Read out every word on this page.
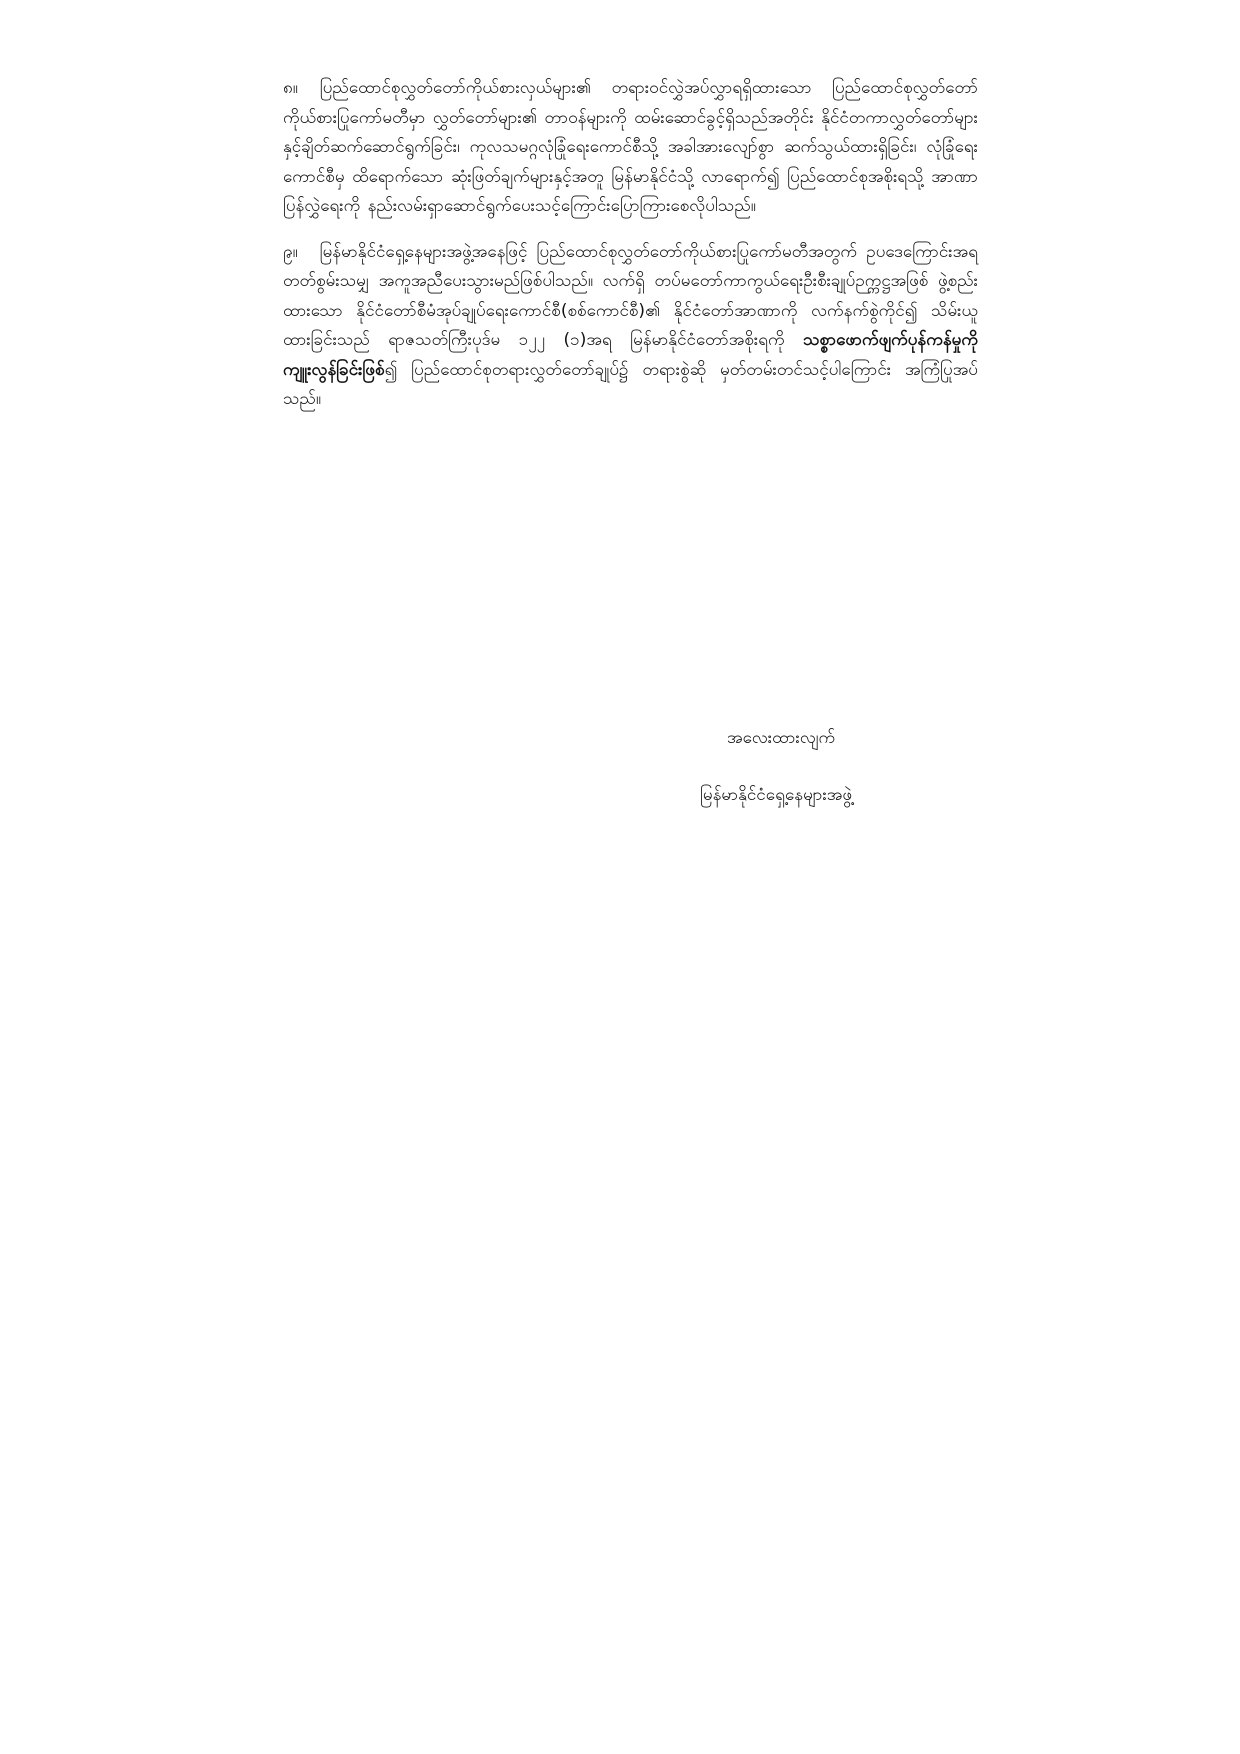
၈။ ပြည်ထောင်စုလွှတ်တော်ကိုယ်စားလှယ်များ၏ တရားဝင်လွှဲအပ်လွှာရရှိထားသော ပြည်ထောင်စုလွှတ်တော်ကိုယ်စားပြုကော်မတီမှာ လွှတ်တော်များ၏ တာဝန်များကို ထမ်းဆောင်ခွင့်ရှိသည်အတိုင်း နိုင်ငံတကာလွှတ်တော်များနှင့်ချိတ်ဆက်ဆောင်ရွက်ခြင်း၊ ကုလသမဂ္ဂလုံခြုံရေးကောင်စီသို့ အခါအားလျော်စွာ ဆက်သွယ်ထားရှိခြင်း၊ လုံခြုံရေးကောင်စီမှ ထိရောက်သော ဆုံးဖြတ်ချက်များနှင့်အတူ မြန်မာနိုင်ငံသို့ လာရောက်၍ ပြည်ထောင်စုအစိုးရသို့ အာဏာပြန်လွှဲရေးကို နည်းလမ်းရှာဆောင်ရွက်ပေးသင့်ကြောင်းပြောကြားစေလိုပါသည်။

၉။ မြန်မာနိုင်ငံရှေ့နေများအဖွဲ့အနေဖြင့် ပြည်ထောင်စုလွှတ်တော်ကိုယ်စားပြုကော်မတီအတွက် ဥပဒေကြောင်းအရ တတ်စွမ်းသမျှ အကူအညီပေးသွားမည်ဖြစ်ပါသည်။ လက်ရှိ တပ်မတော်ကာကွယ်ရေးဦးစီးချုပ်ဉက္ကဋ္ဌအဖြစ် ဖွဲ့စည်းထားသော နိုင်ငံတော်စီမံအုပ်ချုပ်ရေးကောင်စီ(စစ်ကောင်စီ)၏ နိုင်ငံတော်အာဏာကို လက်နက်စွဲကိုင်၍ သိမ်းယူထားခြင်းသည် ရာဇသတ်ကြီးပုဒ်မ ၁၂၂ (၁)အရ မြန်မာနိုင်ငံတော်အစိုးရကို သစ္စာဖောက်ဖျက်ပုန်ကန်မှုကို ကျူးလွန်ခြင်းဖြစ်၍ ပြည်ထောင်စုတရားလွှတ်တော်ချုပ်၌ တရားစွဲဆို မှတ်တမ်းတင်သင့်ပါကြောင်း အကြံပြုအပ်သည်။

အလေးထားလျက်
မြန်မာနိုင်ငံရှေ့နေများအဖွဲ့
